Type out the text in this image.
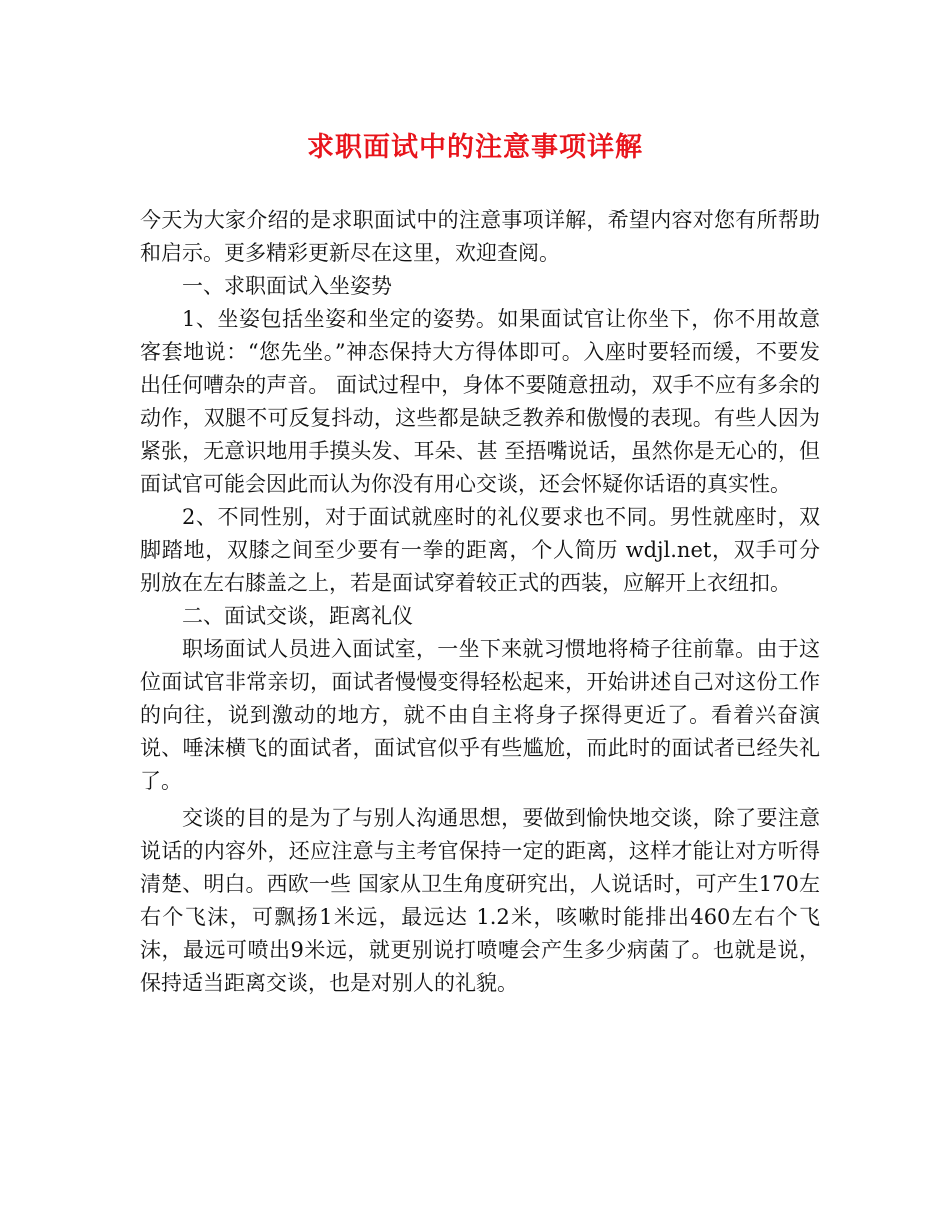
求职面试中的注意事项详解

今天为大家介绍的是求职面试中的注意事项详解，希望内容对您有所帮助和启示。更多精彩更新尽在这里，欢迎查阅。

一、求职面试入坐姿势

1、坐姿包括坐姿和坐定的姿势。如果面试官让你坐下，你不用故意客套地说：“您先坐。”神态保持大方得体即可。入座时要轻而缓，不要发出任何嘈杂的声音。 面试过程中，身体不要随意扭动，双手不应有多余的动作，双腿不可反复抖动，这些都是缺乏教养和傲慢的表现。有些人因为紧张，无意识地用手摸头发、耳朵、甚 至捂嘴说话，虽然你是无心的，但面试官可能会因此而认为你没有用心交谈，还会怀疑你话语的真实性。

2、不同性别，对于面试就座时的礼仪要求也不同。男性就座时，双脚踏地，双膝之间至少要有一拳的距离，个人简历 wdjl.net，双手可分别放在左右膝盖之上，若是面试穿着较正式的西装，应解开上衣纽扣。

二、面试交谈，距离礼仪

职场面试人员进入面试室，一坐下来就习惯地将椅子往前靠。由于这位面试官非常亲切，面试者慢慢变得轻松起来，开始讲述自己对这份工作的向往，说到激动的地方，就不由自主将身子探得更近了。看着兴奋演说、唾沫横飞的面试者，面试官似乎有些尴尬，而此时的面试者已经失礼了。

交谈的目的是为了与别人沟通思想，要做到愉快地交谈，除了要注意说话的内容外，还应注意与主考官保持一定的距离，这样才能让对方听得清楚、明白。西欧一些 国家从卫生角度研究出，人说话时，可产生170左右个飞沫，可飘扬1米远，最远达 1.2米，咳嗽时能排出460左右个飞沫，最远可喷出9米远，就更别说打喷嚏会产生多少病菌了。也就是说，保持适当距离交谈，也是对别人的礼貌。
